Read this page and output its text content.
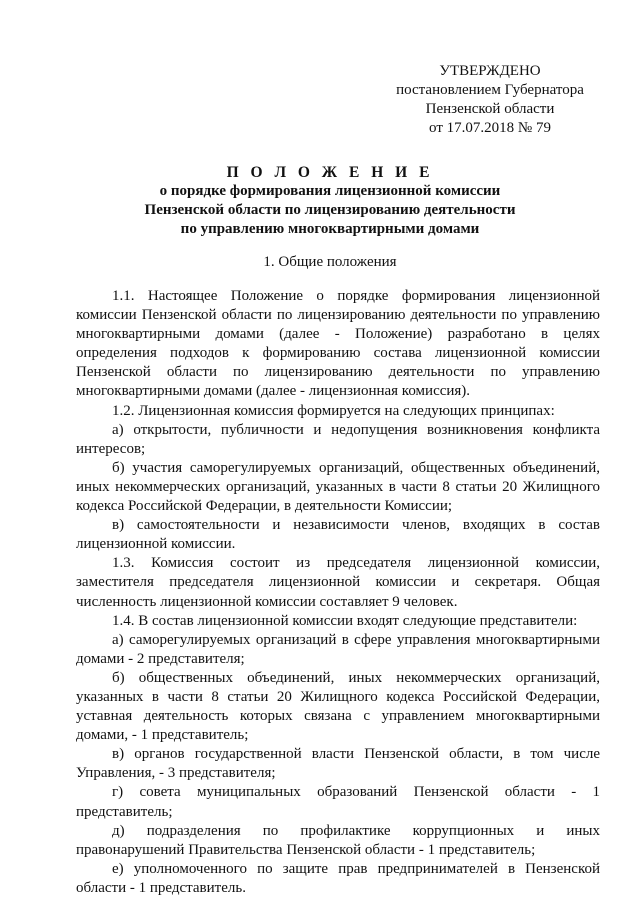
УТВЕРЖДЕНО
постановлением Губернатора
Пензенской области
от 17.07.2018 № 79
П О Л О Ж Е Н И Е
о порядке формирования лицензионной комиссии
Пензенской области по лицензированию деятельности
по управлению многоквартирными домами
1. Общие положения

1.1. Настоящее Положение о порядке формирования лицензионной комиссии Пензенской области по лицензированию деятельности по управлению многоквартирными домами (далее - Положение) разработано в целях определения подходов к формированию состава лицензионной комиссии Пензенской области по лицензированию деятельности по управлению многоквартирными домами (далее - лицензионная комиссия).

1.2. Лицензионная комиссия формируется на следующих принципах:

а) открытости, публичности и недопущения возникновения конфликта интересов;

б) участия саморегулируемых организаций, общественных объединений, иных некоммерческих организаций, указанных в части 8 статьи 20 Жилищного кодекса Российской Федерации, в деятельности Комиссии;

в) самостоятельности и независимости членов, входящих в состав лицензионной комиссии.

1.3. Комиссия состоит из председателя лицензионной комиссии, заместителя председателя лицензионной комиссии и секретаря. Общая численность лицензионной комиссии составляет 9 человек.

1.4. В состав лицензионной комиссии входят следующие представители:

а) саморегулируемых организаций в сфере управления многоквартирными домами - 2 представителя;

б) общественных объединений, иных некоммерческих организаций, указанных в части 8 статьи 20 Жилищного кодекса Российской Федерации, уставная деятельность которых связана с управлением многоквартирными домами, - 1 представитель;

в) органов государственной власти Пензенской области, в том числе Управления, - 3 представителя;

г) совета муниципальных образований Пензенской области - 1 представитель;

д) подразделения по профилактике коррупционных и иных правонарушений Правительства Пензенской области - 1 представитель;

е) уполномоченного по защите прав предпринимателей в Пензенской области - 1 представитель.
